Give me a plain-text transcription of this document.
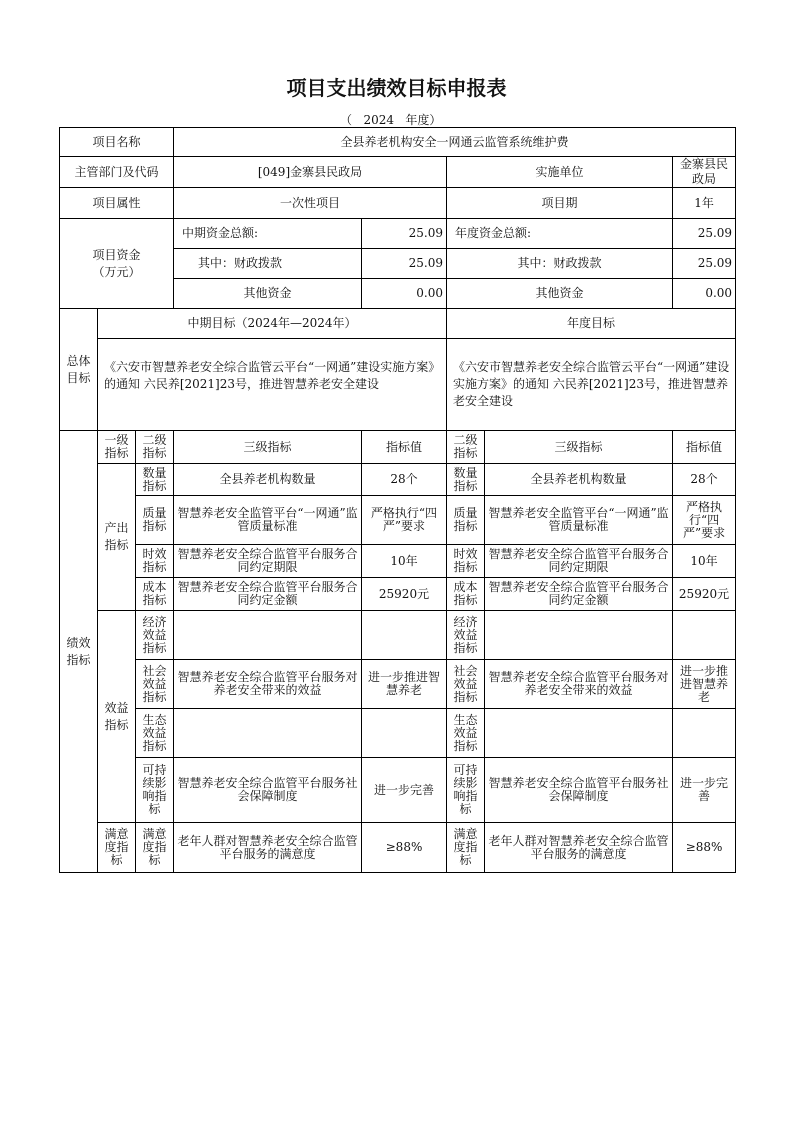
项目支出绩效目标申报表
（   2024   年度）
项目名称			全县养老机构安全一网通云监管系统维护费				
主管部门及代码			[049]金寨县民政局		实施单位		金寨县民政局
项目属性			一次性项目		项目期		1年
项目资金
（万元）			中期资金总额:	25.09	年度资金总额:		25.09
			其中：财政拨款	25.09	其中：财政拨款		25.09
			其他资金	0.00	其他资金		0.00
总体目标	中期目标（2024年—2024年）				年度目标		
	《六安市智慧养老安全综合监管云平台“一网通”建设实施方案》的通知 六民养[2021]23号，推进智慧养老安全建设				《六安市智慧养老安全综合监管云平台“一网通”建设实施方案》的通知 六民养[2021]23号，推进智慧养老安全建设		
绩效指标	一级指标	二级指标	三级指标	指标值	二级指标	三级指标	指标值
	产出指标	数量指标	全县养老机构数量	28个	数量指标	全县养老机构数量	28个
		质量指标	智慧养老安全监管平台“一网通”监管质量标准	严格执行“四严”要求	质量指标	智慧养老安全监管平台“一网通”监管质量标准	严格执行“四严”要求
		时效指标	智慧养老安全综合监管平台服务合同约定期限	10年	时效指标	智慧养老安全综合监管平台服务合同约定期限	10年
		成本指标	智慧养老安全综合监管平台服务合同约定金额	25920元	成本指标	智慧养老安全综合监管平台服务合同约定金额	25920元
	效益指标	经济效益指标			经济效益指标		
		社会效益指标	智慧养老安全综合监管平台服务对养老安全带来的效益	进一步推进智慧养老	社会效益指标	智慧养老安全综合监管平台服务对养老安全带来的效益	进一步推进智慧养老
		生态效益指标			生态效益指标		
		可持续影响指标	智慧养老安全综合监管平台服务社会保障制度	进一步完善	可持续影响指标	智慧养老安全综合监管平台服务社会保障制度	进一步完善
	满意度指标	满意度指标	老年人群对智慧养老安全综合监管平台服务的满意度	≥88%	满意度指标	老年人群对智慧养老安全综合监管平台服务的满意度	≥88%
